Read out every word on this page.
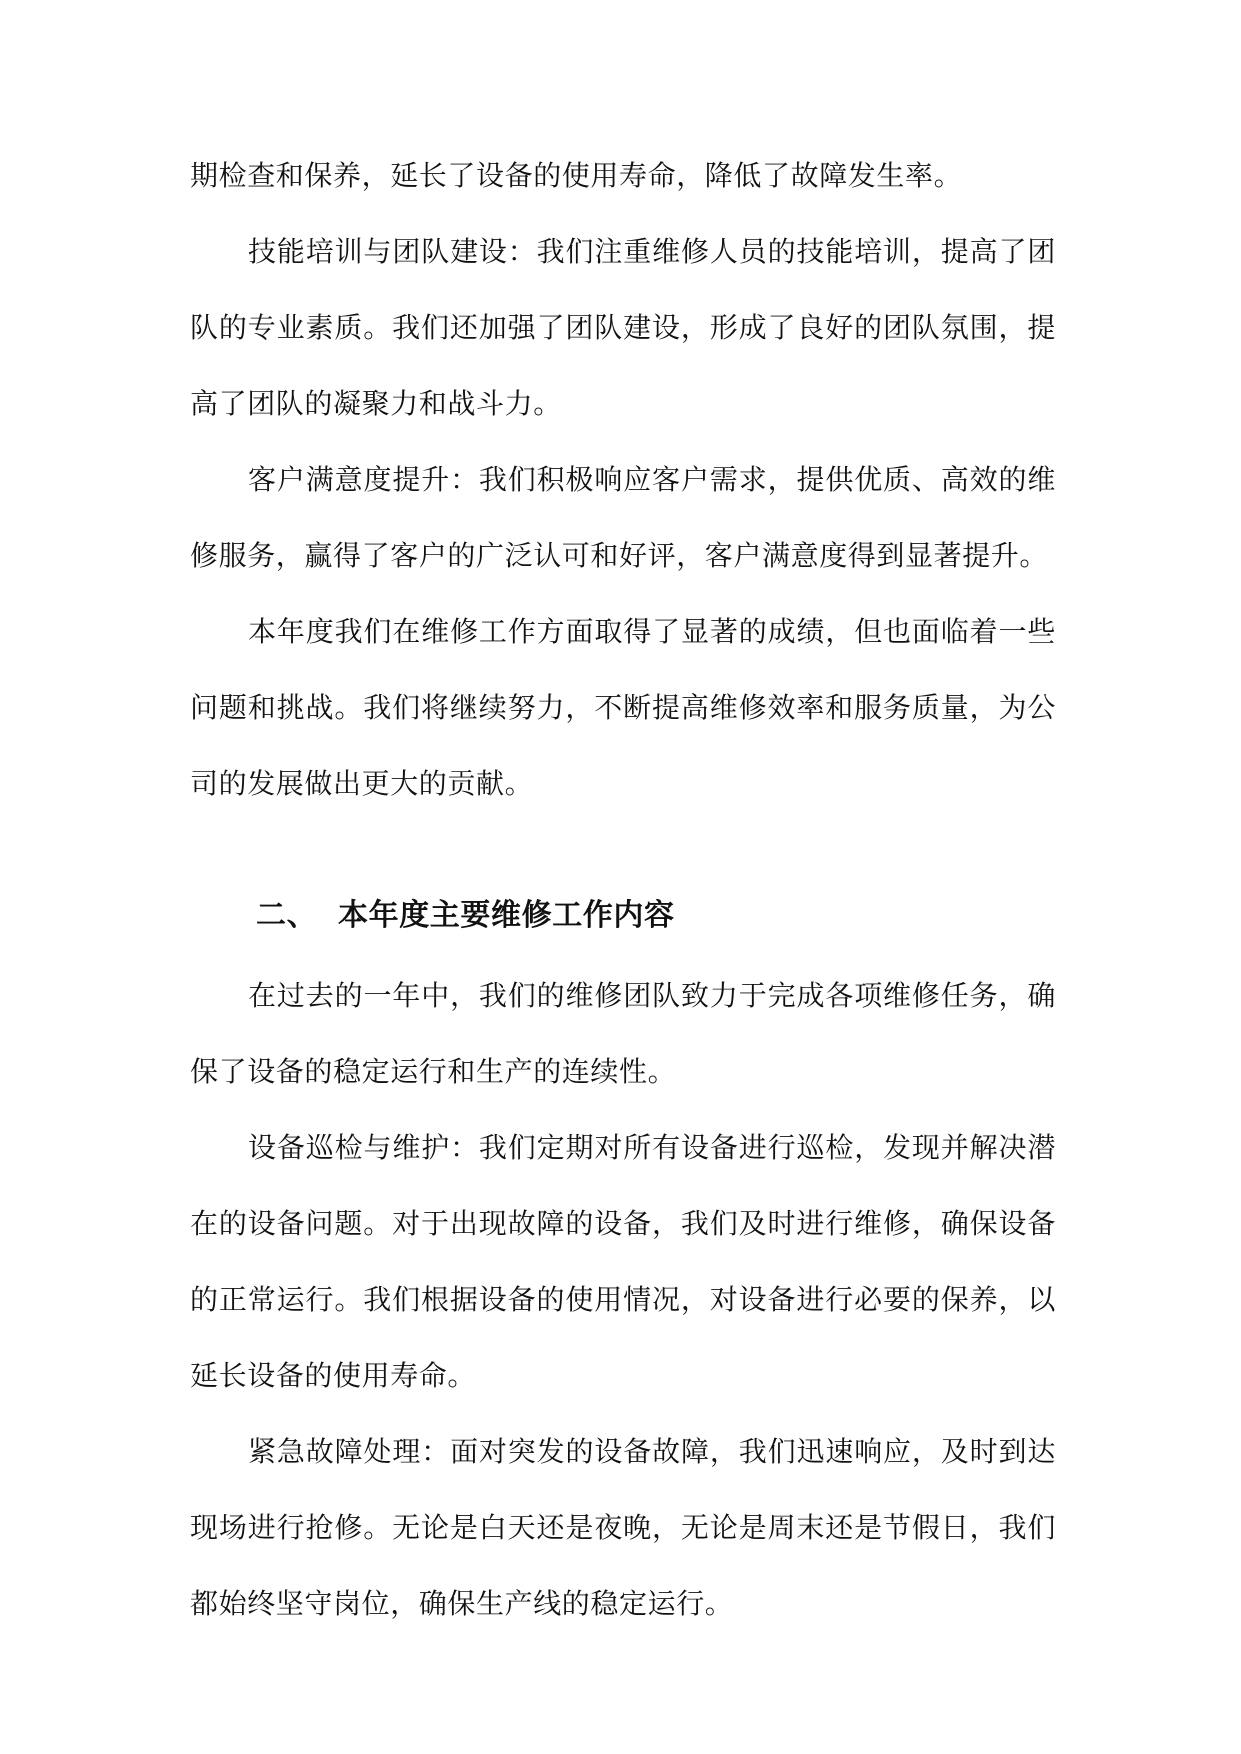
期检查和保养，延长了设备的使用寿命，降低了故障发生率。

技能培训与团队建设：我们注重维修人员的技能培训，提高了团队的专业素质。我们还加强了团队建设，形成了良好的团队氛围，提高了团队的凝聚力和战斗力。

客户满意度提升：我们积极响应客户需求，提供优质、高效的维修服务，赢得了客户的广泛认可和好评，客户满意度得到显著提升。

本年度我们在维修工作方面取得了显著的成绩，但也面临着一些问题和挑战。我们将继续努力，不断提高维修效率和服务质量，为公司的发展做出更大的贡献。

二、 本年度主要维修工作内容

在过去的一年中，我们的维修团队致力于完成各项维修任务，确保了设备的稳定运行和生产的连续性。

设备巡检与维护：我们定期对所有设备进行巡检，发现并解决潜在的设备问题。对于出现故障的设备，我们及时进行维修，确保设备的正常运行。我们根据设备的使用情况，对设备进行必要的保养，以延长设备的使用寿命。

紧急故障处理：面对突发的设备故障，我们迅速响应，及时到达现场进行抢修。无论是白天还是夜晚，无论是周末还是节假日，我们都始终坚守岗位，确保生产线的稳定运行。
